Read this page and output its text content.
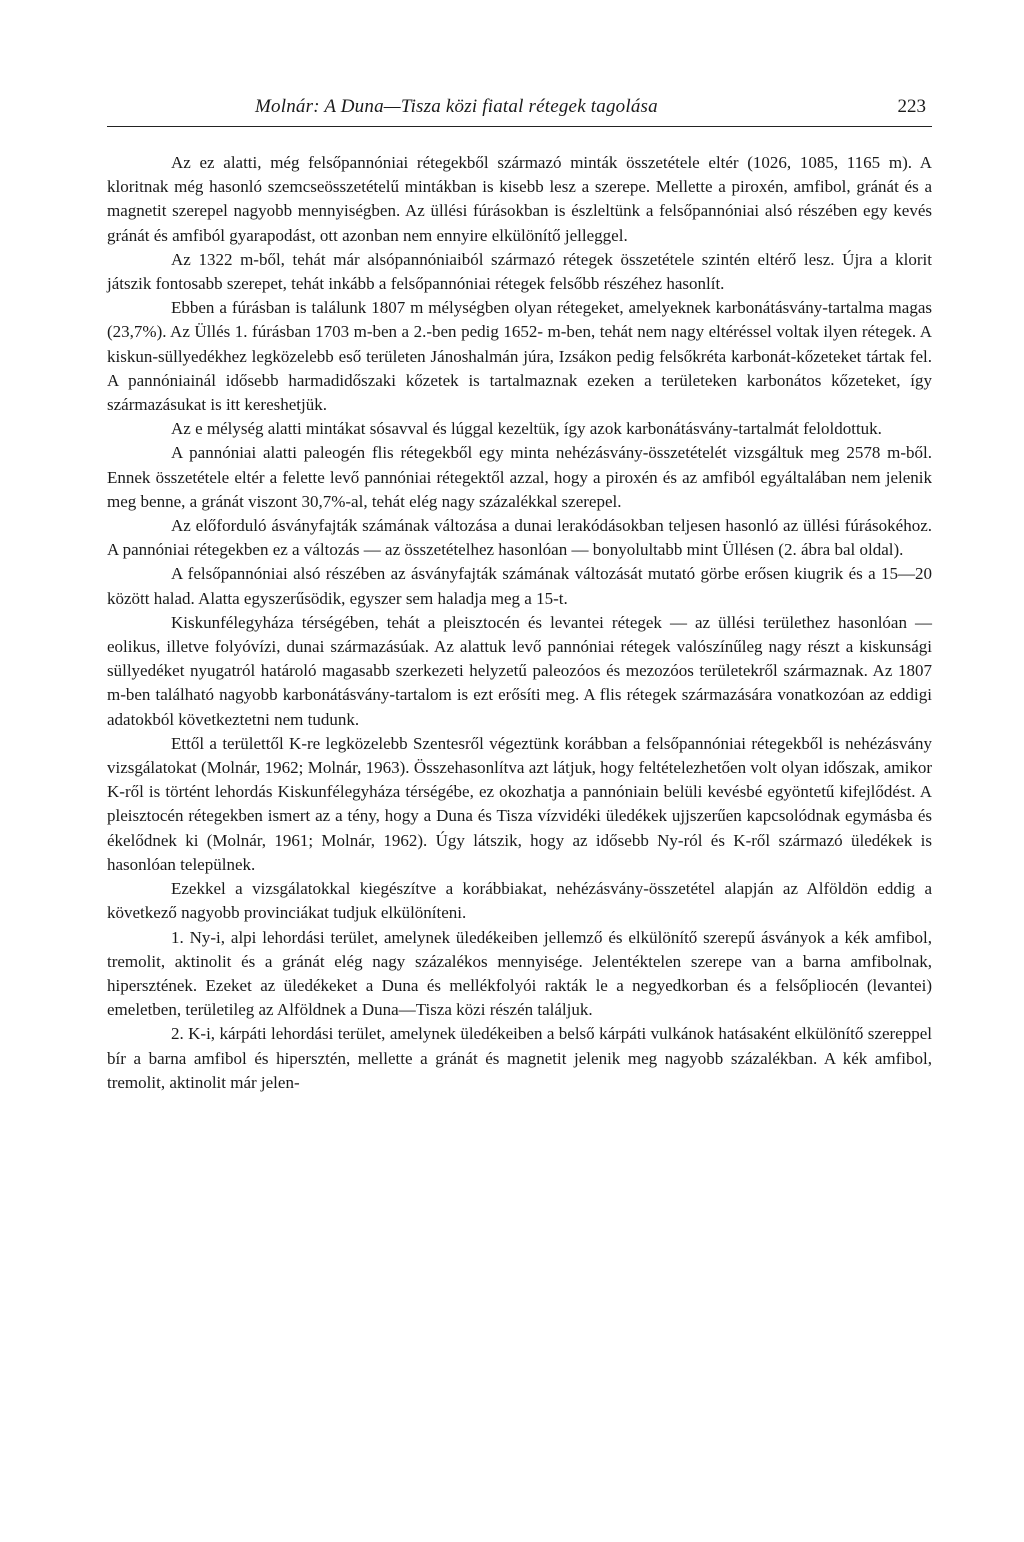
Molnár: A Duna—Tisza közi fiatal rétegek tagolása	223

Az ez alatti, még felsőpannóniai rétegekből származó minták összetétele eltér (1026, 1085, 1165 m). A kloritnak még hasonló szemcseösszetételű mintákban is kisebb lesz a szerepe. Mellette a piroxén, amfibol, gránát és a magnetit szerepel nagyobb mennyiségben. Az üllési fúrásokban is észleltünk a felsőpannóniai alsó részében egy kevés gránát és amfiból gyarapodást, ott azonban nem ennyire elkülönítő jelleggel.

Az 1322 m-ből, tehát már alsópannóniaiból származó rétegek összetétele szintén eltérő lesz. Újra a klorit játszik fontosabb szerepet, tehát inkább a felsőpannóniai rétegek felsőbb részéhez hasonlít.

Ebben a fúrásban is találunk 1807 m mélységben olyan rétegeket, amelyeknek karbonátásvány-tartalma magas (23,7%). Az Üllés 1. fúrásban 1703 m-ben a 2.-ben pedig 1652- m-ben, tehát nem nagy eltéréssel voltak ilyen rétegek. A kiskun-süllyedékhez legközelebb eső területen Jánoshalmán júra, Izsákon pedig felsőkréta karbonát-kőzeteket tártak fel. A pannóniainál idősebb harmadidőszaki kőzetek is tartalmaznak ezeken a területeken karbonátos kőzeteket, így származásukat is itt kereshetjük.

Az e mélység alatti mintákat sósavval és lúggal kezeltük, így azok karbonátásvány-tartalmát feloldottuk.

A pannóniai alatti paleogén flis rétegekből egy minta nehézásvány-összetételét vizsgáltuk meg 2578 m-ből. Ennek összetétele eltér a felette levő pannóniai rétegektől azzal, hogy a piroxén és az amfiból egyáltalában nem jelenik meg benne, a gránát viszont 30,7%-al, tehát elég nagy százalékkal szerepel.

Az előforduló ásványfajták számának változása a dunai lerakódásokban teljesen hasonló az üllési fúrásokéhoz. A pannóniai rétegekben ez a változás — az összetételhez hasonlóan — bonyolultabb mint Üllésen (2. ábra bal oldal).

A felsőpannóniai alsó részében az ásványfajták számának változását mutató görbe erősen kiugrik és a 15—20 között halad. Alatta egyszerűsödik, egyszer sem haladja meg a 15-t.

Kiskunfélegyháza térségében, tehát a pleisztocén és levantei rétegek — az üllési területhez hasonlóan — eolikus, illetve folyóvízi, dunai származásúak. Az alattuk levő pannóniai rétegek valószínűleg nagy részt a kiskunsági süllyedéket nyugatról határoló magasabb szerkezeti helyzetű paleozóos és mezozóos területekről származnak. Az 1807 m-ben található nagyobb karbonátásvány-tartalom is ezt erősíti meg. A flis rétegek származására vonatkozóan az eddigi adatokból következtetni nem tudunk.

Ettől a területtől K-re legközelebb Szentesről végeztünk korábban a felsőpannóniai rétegekből is nehézásvány vizsgálatokat (Molnár, 1962; Molnár, 1963). Összehasonlítva azt látjuk, hogy feltételezhetően volt olyan időszak, amikor K-ről is történt lehordás Kiskunfélegyháza térségébe, ez okozhatja a pannóniain belüli kevésbé egyöntetű kifejlődést. A pleisztocén rétegekben ismert az a tény, hogy a Duna és Tisza vízvidéki üledékek ujjszerűen kapcsolódnak egymásba és ékelődnek ki (Molnár, 1961; Molnár, 1962). Úgy látszik, hogy az idősebb Ny-ról és K-ről származó üledékek is hasonlóan települnek.

Ezekkel a vizsgálatokkal kiegészítve a korábbiakat, nehézásvány-összetétel alapján az Alföldön eddig a következő nagyobb provinciákat tudjuk elkülöníteni.

1. Ny-i, alpi lehordási terület, amelynek üledékeiben jellemző és elkülönítő szerepű ásványok a kék amfibol, tremolit, aktinolit és a gránát elég nagy százalékos mennyisége. Jelentéktelen szerepe van a barna amfibolnak, hipersztének. Ezeket az üledékeket a Duna és mellékfolyói rakták le a negyedkorban és a felsőpliocén (levantei) emeletben, területileg az Alföldnek a Duna—Tisza közi részén találjuk.

2. K-i, kárpáti lehordási terület, amelynek üledékeiben a belső kárpáti vulkánok hatásaként elkülönítő szereppel bír a barna amfibol és hipersztén, mellette a gránát és magnetit jelenik meg nagyobb százalékban. A kék amfibol, tremolit, aktinolit már jelen-
